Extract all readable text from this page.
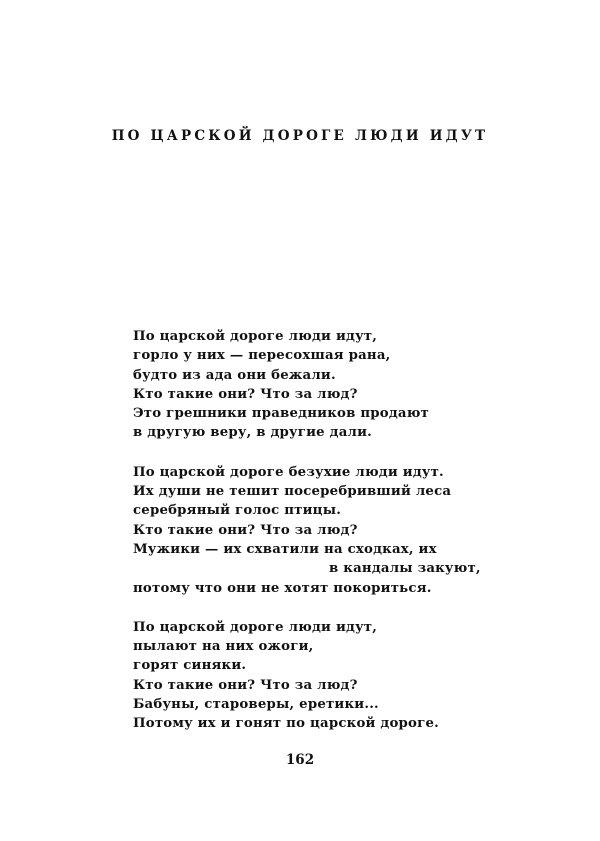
ПО ЦАРСКОЙ ДОРОГЕ ЛЮДИ ИДУТ
По царской дороге люди идут,
горло у них — пересохшая рана,
будто из ада они бежали.
Кто такие они? Что за люд?
Это грешники праведников продают
в другую веру, в другие дали.
По царской дороге безухие люди идут.
Их души не тешит посеребривший леса
серебряный голос птицы.
Кто такие они? Что за люд?
Мужики — их схватили на сходках, их
в кандалы закуют,
потому что они не хотят покориться.
По царской дороге люди идут,
пылают на них ожоги,
горят синяки.
Кто такие они? Что за люд?
Бабуны, староверы, еретики...
Потому их и гонят по царской дороге.
162
